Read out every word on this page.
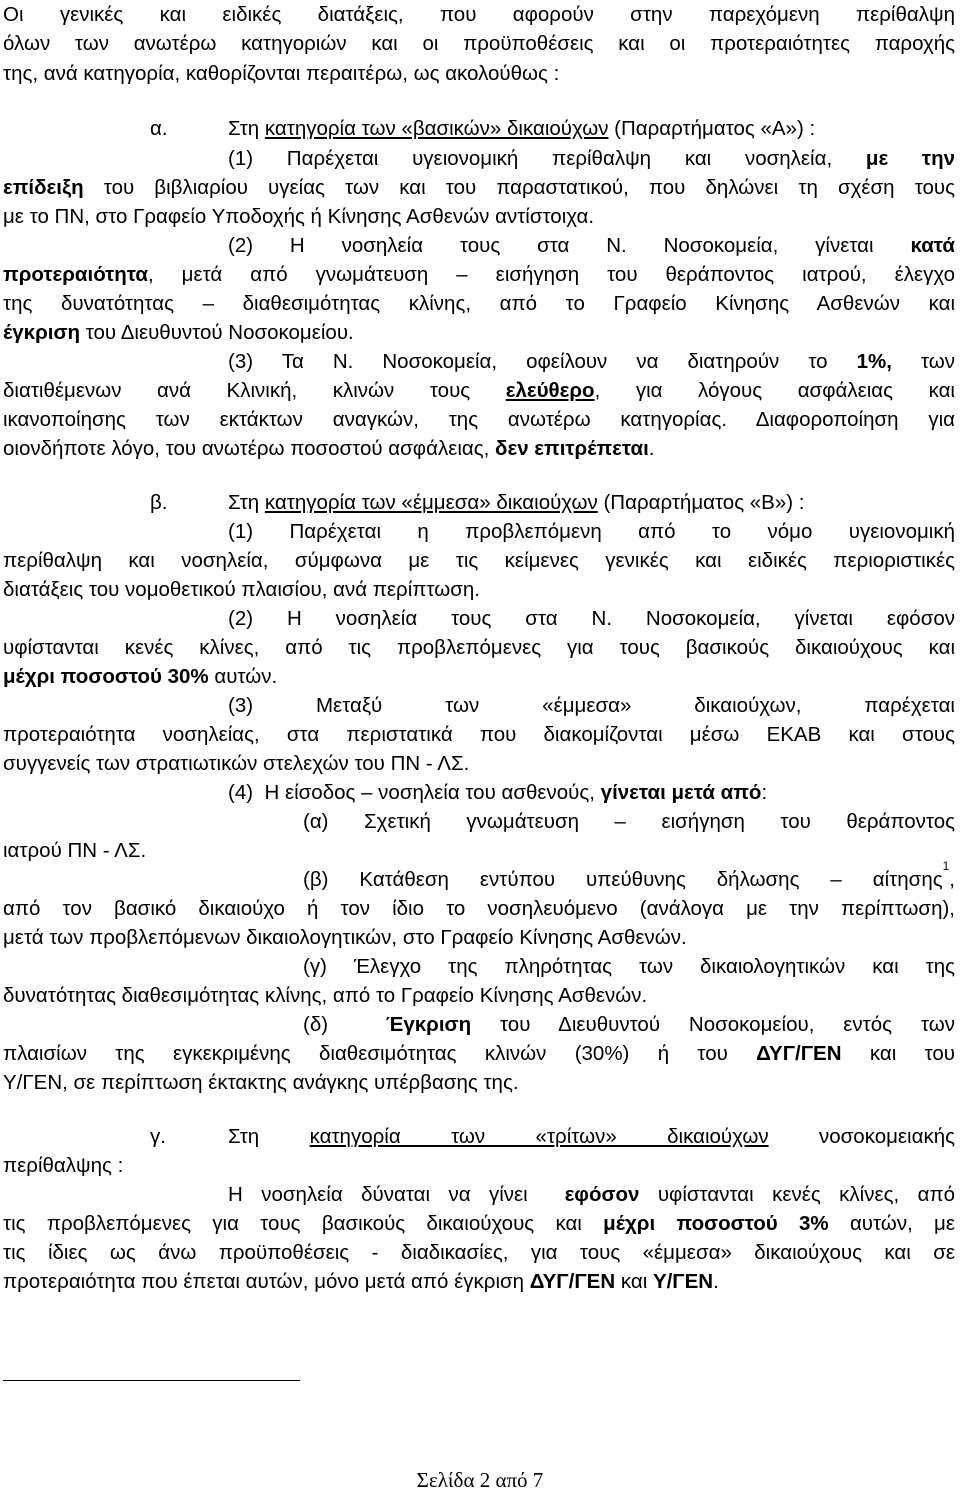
Οι γενικές και ειδικές διατάξεις, που αφορούν στην παρεχόμενη περίθαλψη
όλων των ανωτέρω κατηγοριών και οι προϋποθέσεις και οι προτεραιότητες παροχής
της, ανά κατηγορία, καθορίζονται περαιτέρω, ως ακολούθως :
α.	Στη κατηγορία των «βασικών» δικαιούχων (Παραρτήματος «Α») :
(1) Παρέχεται υγειονομική περίθαλψη και νοσηλεία, με την
επίδειξη του βιβλιαρίου υγείας των και του παραστατικού, που δηλώνει τη σχέση τους
με το ΠΝ, στο Γραφείο Υποδοχής ή Κίνησης Ασθενών αντίστοιχα.
(2) Η νοσηλεία τους στα Ν. Νοσοκομεία, γίνεται κατά
προτεραιότητα, μετά από γνωμάτευση – εισήγηση του θεράποντος ιατρού, έλεγχο
της δυνατότητας – διαθεσιμότητας κλίνης, από το Γραφείο Κίνησης Ασθενών και
έγκριση του Διευθυντού Νοσοκομείου.
(3) Τα Ν. Νοσοκομεία, οφείλουν να διατηρούν το 1%, των
διατιθέμενων ανά Κλινική, κλινών τους ελεύθερο, για λόγους ασφάλειας και
ικανοποίησης των εκτάκτων αναγκών, της ανωτέρω κατηγορίας. Διαφοροποίηση για
οιονδήποτε λόγο, του ανωτέρω ποσοστού ασφάλειας, δεν επιτρέπεται.
β.	Στη κατηγορία των «έμμεσα» δικαιούχων (Παραρτήματος «Β») :
(1) Παρέχεται η προβλεπόμενη από το νόμο υγειονομική
περίθαλψη και νοσηλεία, σύμφωνα με τις κείμενες γενικές και ειδικές περιοριστικές
διατάξεις του νομοθετικού πλαισίου, ανά περίπτωση.
(2) Η νοσηλεία τους στα Ν. Νοσοκομεία, γίνεται εφόσον
υφίστανται κενές κλίνες, από τις προβλεπόμενες για τους βασικούς δικαιούχους και
μέχρι ποσοστού 30% αυτών.
(3) Μεταξύ των «έμμεσα» δικαιούχων, παρέχεται
προτεραιότητα νοσηλείας, στα περιστατικά που διακομίζονται μέσω ΕΚΑΒ και στους
συγγενείς των στρατιωτικών στελεχών του ΠΝ - ΛΣ.
(4)  Η είσοδος – νοσηλεία του ασθενούς, γίνεται μετά από:
(α) Σχετική γνωμάτευση – εισήγηση του θεράποντος
ιατρού ΠΝ - ΛΣ.
(β) Κατάθεση εντύπου υπεύθυνης δήλωσης – αίτησης$^1$,
από τον βασικό δικαιούχο ή τον ίδιο το νοσηλευόμενο (ανάλογα με την περίπτωση),
μετά των προβλεπόμενων δικαιολογητικών, στο Γραφείο Κίνησης Ασθενών.
(γ) Έλεγχο της πληρότητας των δικαιολογητικών και της
δυνατότητας διαθεσιμότητας κλίνης, από το Γραφείο Κίνησης Ασθενών.
(δ)  Έγκριση του Διευθυντού Νοσοκομείου, εντός των
πλαισίων της εγκεκριμένης διαθεσιμότητας κλινών (30%) ή του ΔΥΓ/ΓΕΝ και του
Υ/ΓΕΝ, σε περίπτωση έκτακτης ανάγκης υπέρβασης της.
γ.	Στη κατηγορία των «τρίτων» δικαιούχων νοσοκομειακής
περίθαλψης :
Η νοσηλεία δύναται να γίνει  εφόσον υφίστανται κενές κλίνες, από
τις προβλεπόμενες για τους βασικούς δικαιούχους και μέχρι ποσοστού 3% αυτών, με
τις ίδιες ως άνω προϋποθέσεις - διαδικασίες, για τους «έμμεσα» δικαιούχους και σε
προτεραιότητα που έπεται αυτών, μόνο μετά από έγκριση ΔΥΓ/ΓΕΝ και Υ/ΓΕΝ.
Σελίδα 2 από 7
